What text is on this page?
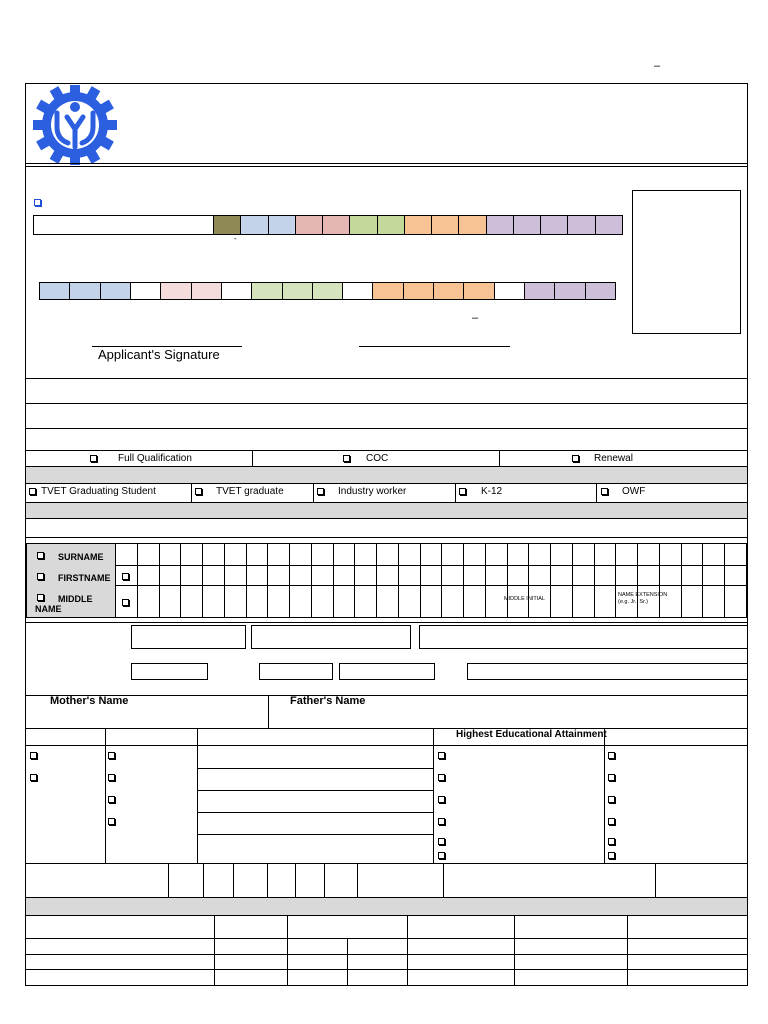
–
-
–
Applicant's Signature
Full Qualification	COC	Renewal
TVET Graduating Student	TVET graduate	Industry worker	K-12	OWF
SURNAME
FIRSTNAME
MIDDLE
NAME
MIDDLE INITIAL
NAME EXTENSION
(e.g. Jr., Sr.)
Mother's Name	Father's Name
Highest Educational Attainment
